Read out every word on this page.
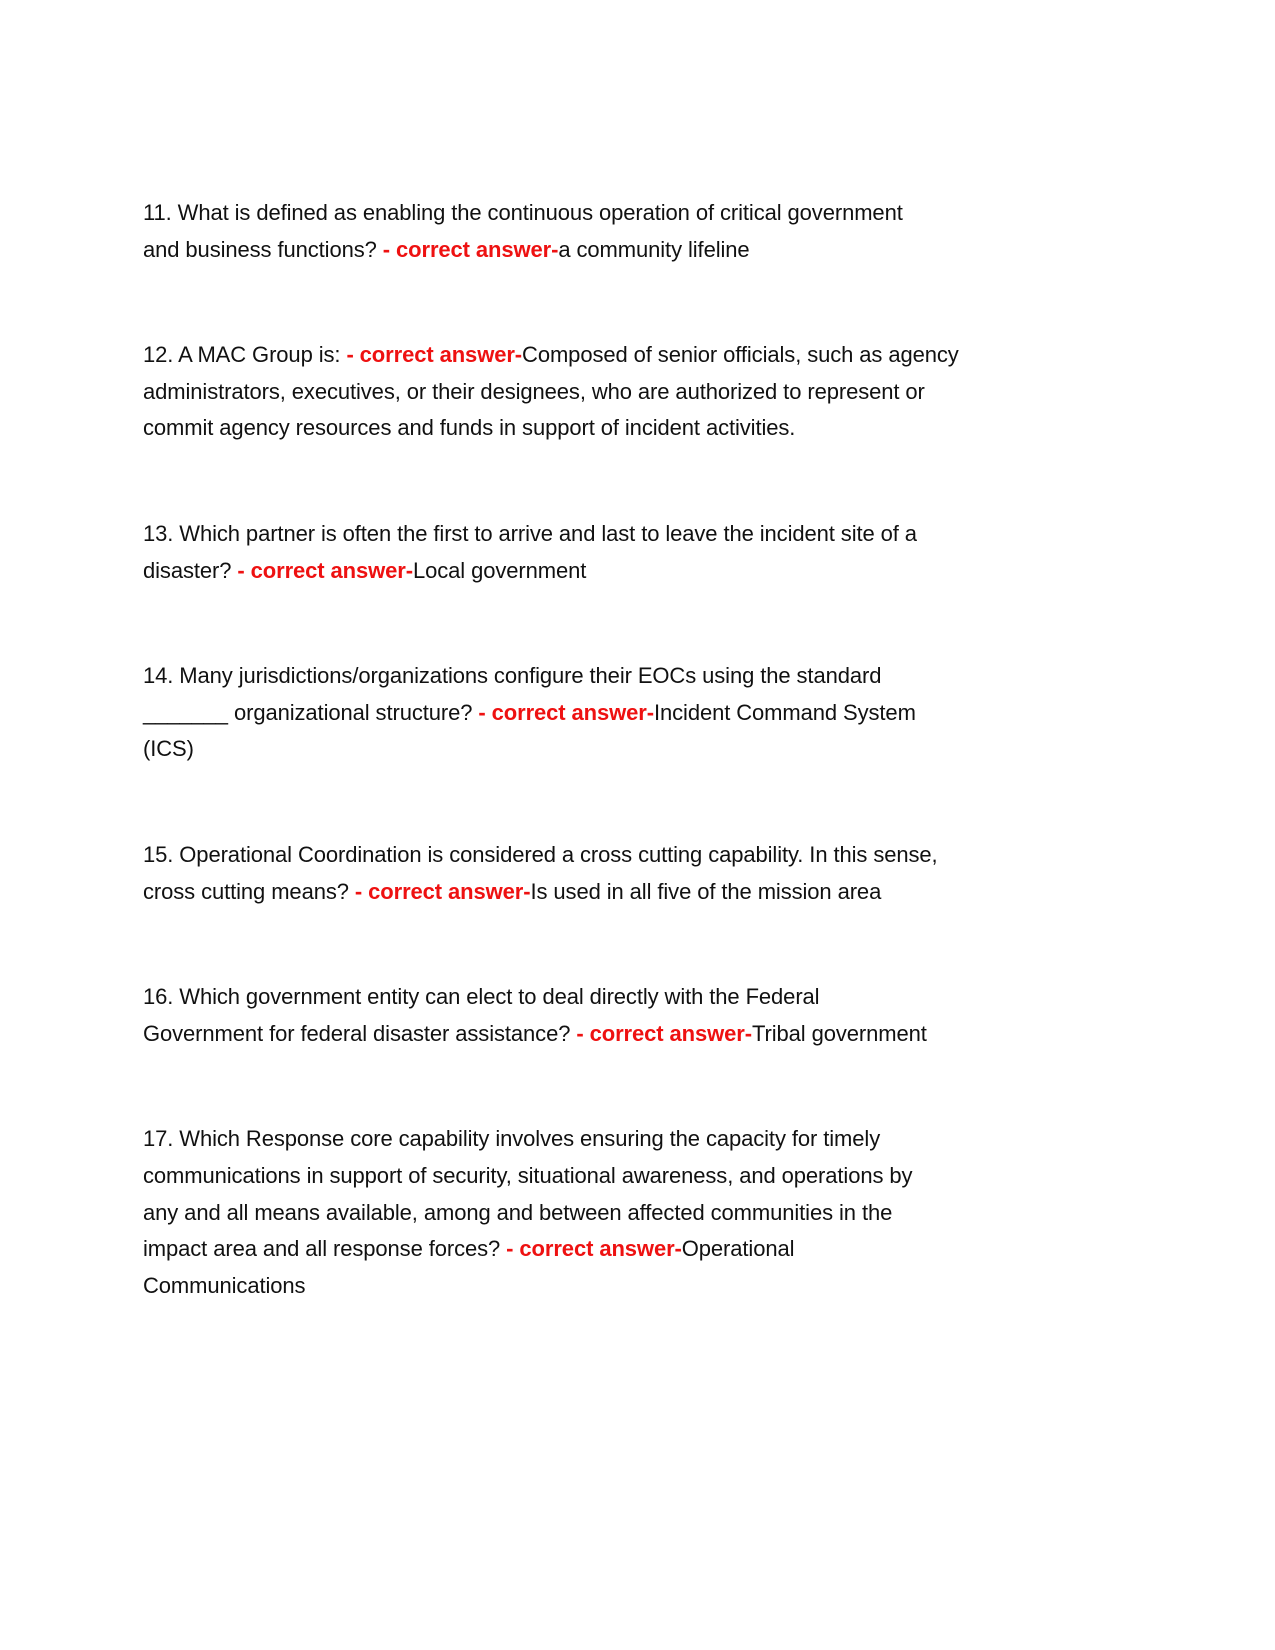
11. What is defined as enabling the continuous operation of critical government
and business functions? - correct answer-a community lifeline
12. A MAC Group is: - correct answer-Composed of senior officials, such as agency
administrators, executives, or their designees, who are authorized to represent or
commit agency resources and funds in support of incident activities.
13. Which partner is often the first to arrive and last to leave the incident site of a
disaster? - correct answer-Local government
14. Many jurisdictions/organizations configure their EOCs using the standard
_______ organizational structure? - correct answer-Incident Command System
(ICS)
15. Operational Coordination is considered a cross cutting capability. In this sense,
cross cutting means? - correct answer-Is used in all five of the mission area
16. Which government entity can elect to deal directly with the Federal
Government for federal disaster assistance? - correct answer-Tribal government
17. Which Response core capability involves ensuring the capacity for timely
communications in support of security, situational awareness, and operations by
any and all means available, among and between affected communities in the
impact area and all response forces? - correct answer-Operational
Communications
